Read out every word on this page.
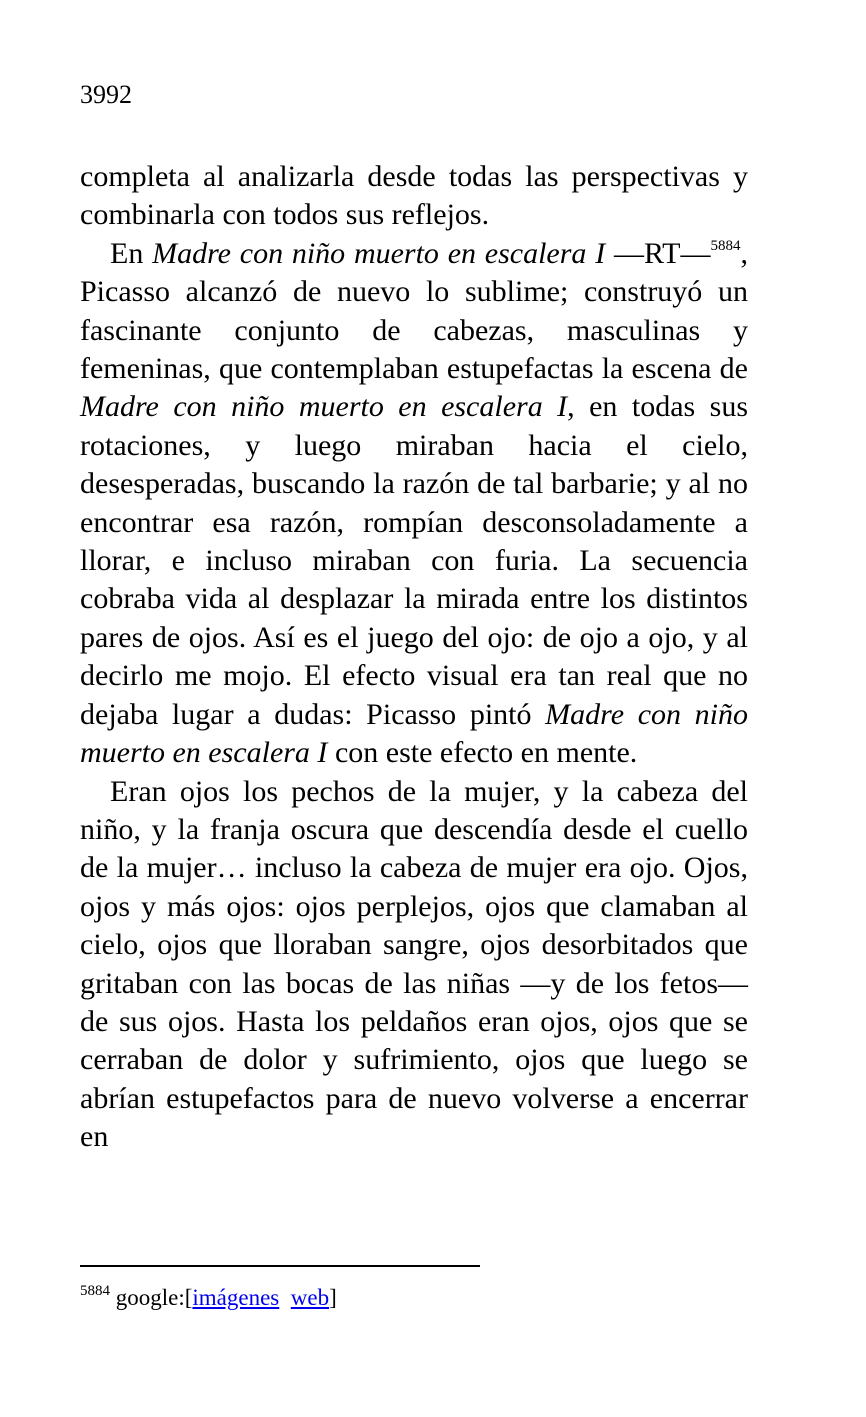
3992

completa al analizarla desde todas las perspectivas y combinarla con todos sus reflejos.

En Madre con niño muerto en escalera I —RT—$^{5884}$, Picasso alcanzó de nuevo lo sublime; construyó un fascinante conjunto de cabezas, masculinas y femeninas, que contemplaban estupefactas la escena de Madre con niño muerto en escalera I, en todas sus rotaciones, y luego miraban hacia el cielo, desesperadas, buscando la razón de tal barbarie; y al no encontrar esa razón, rompían desconsoladamente a llorar, e incluso miraban con furia. La secuencia cobraba vida al desplazar la mirada entre los distintos pares de ojos. Así es el juego del ojo: de ojo a ojo, y al decirlo me mojo. El efecto visual era tan real que no dejaba lugar a dudas: Picasso pintó Madre con niño muerto en escalera I con este efecto en mente.

Eran ojos los pechos de la mujer, y la cabeza del niño, y la franja oscura que descendía desde el cuello de la mujer… incluso la cabeza de mujer era ojo. Ojos, ojos y más ojos: ojos perplejos, ojos que clamaban al cielo, ojos que lloraban sangre, ojos desorbitados que gritaban con las bocas de las niñas —y de los fetos— de sus ojos. Hasta los peldaños eran ojos, ojos que se cerraban de dolor y sufrimiento, ojos que luego se abrían estupefactos para de nuevo volverse a encerrar en

$^{5884}$ google:[imágenes web]
